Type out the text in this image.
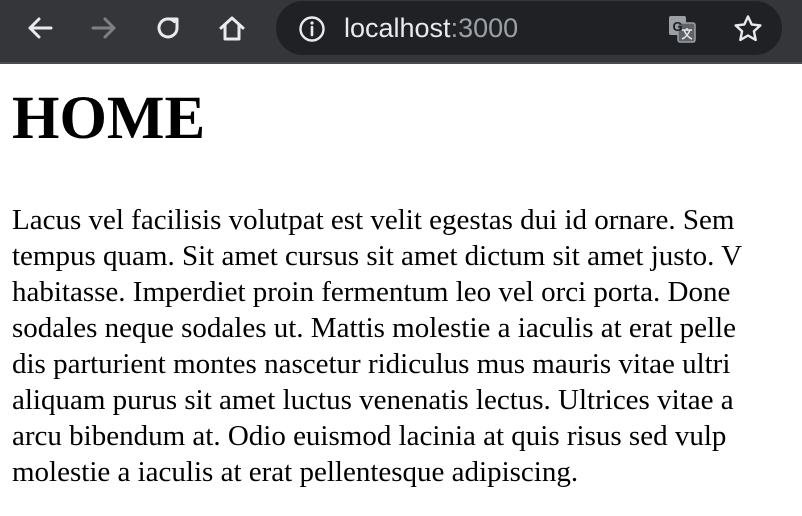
localhost:3000	G
HOME

Lacus vel facilisis volutpat est velit egestas dui id ornare. Sem
tempus quam. Sit amet cursus sit amet dictum sit amet justo. V
habitasse. Imperdiet proin fermentum leo vel orci porta. Done
sodales neque sodales ut. Mattis molestie a iaculis at erat pelle
dis parturient montes nascetur ridiculus mus mauris vitae ultri
aliquam purus sit amet luctus venenatis lectus. Ultrices vitae a
arcu bibendum at. Odio euismod lacinia at quis risus sed vulp
molestie a iaculis at erat pellentesque adipiscing.
